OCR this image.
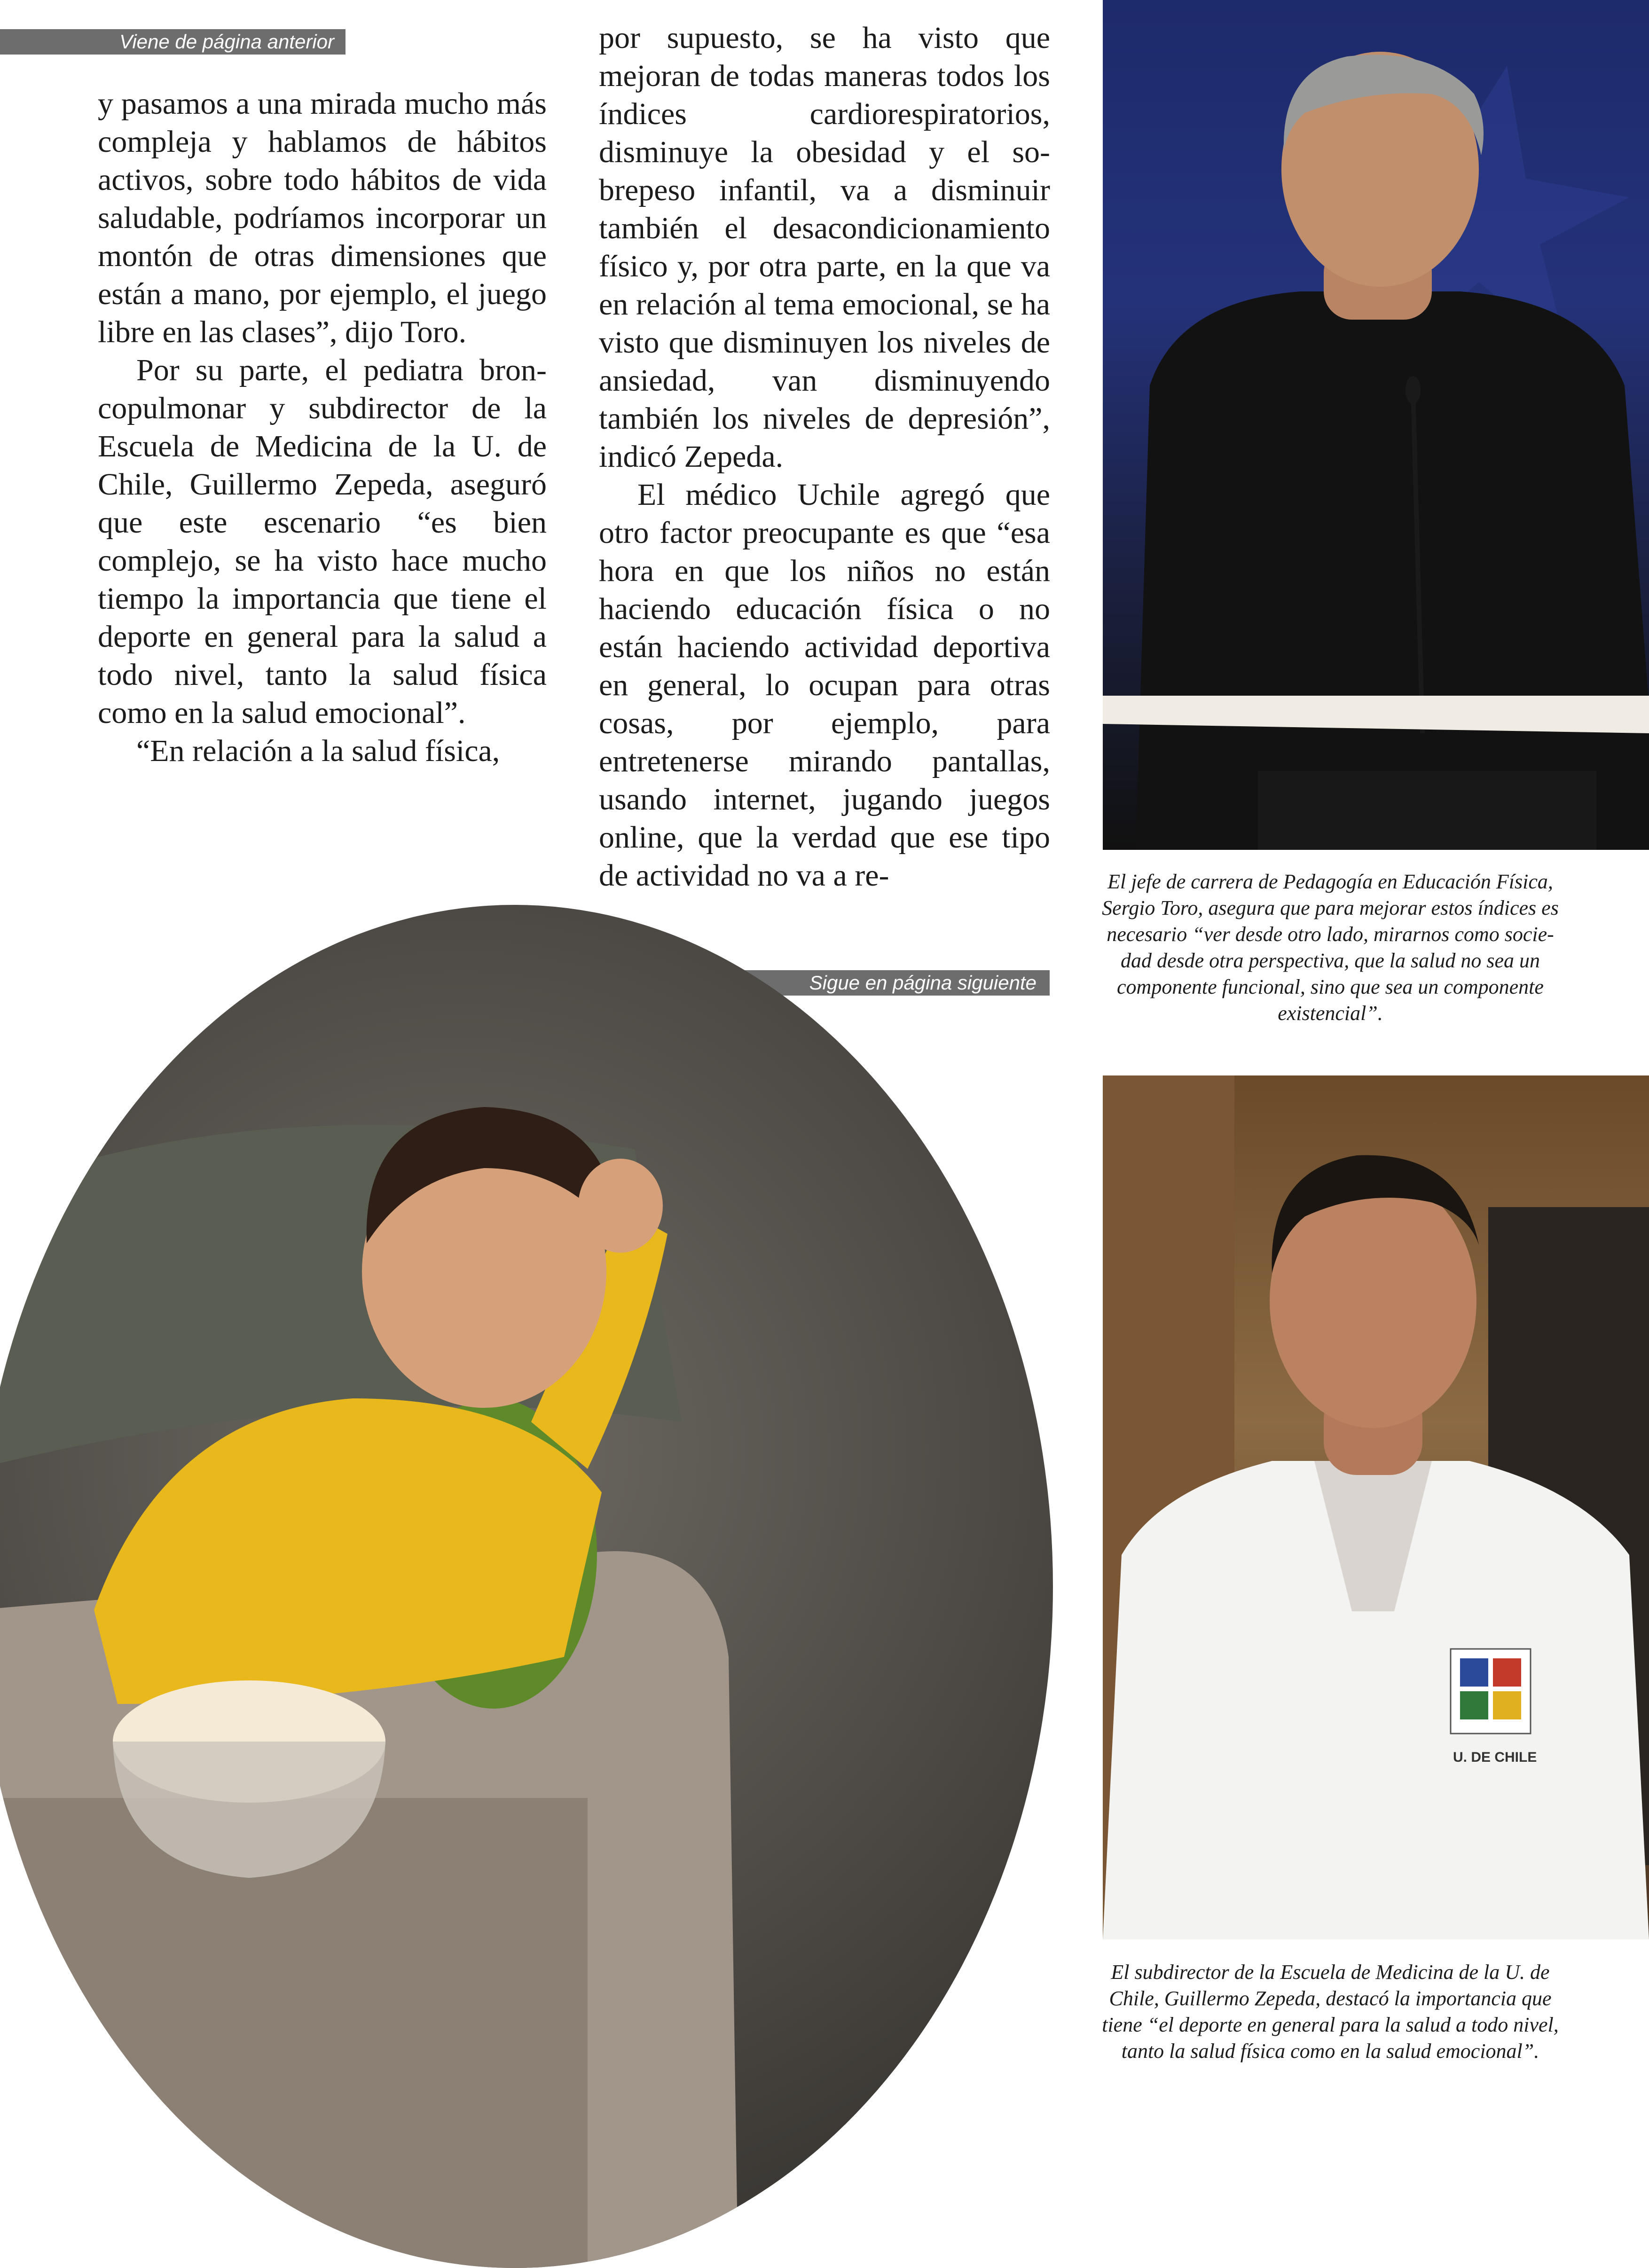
Viene de página anterior

y pasamos a una mirada mucho más compleja y hablamos de hábitos activos, sobre todo hábitos de vida saludable, podríamos incorporar un montón de otras dimensiones que están a mano, por ejemplo, el juego libre en las clases”, dijo Toro.

Por su parte, el pediatra broncopulmonar y subdirector de la Escuela de Medicina de la U. de Chile, Guillermo Zepeda, aseguró que este escenario “es bien complejo, se ha visto hace mucho tiempo la importancia que tiene el deporte en general para la salud a todo nivel, tanto la salud física como en la salud emocional”.

“En relación a la salud física,

por supuesto, se ha visto que mejoran de todas maneras todos los índices cardiorespiratorios, disminuye la obesidad y el sobrepeso infantil, va a disminuir también el desacondicionamiento físico y, por otra parte, en la que va en relación al tema emocional, se ha visto que disminuyen los niveles de ansiedad, van disminuyendo también los niveles de depresión”, indicó Zepeda.

El médico Uchile agregó que otro factor preocupante es que “esa hora en que los niños no están haciendo educación física o no están haciendo actividad deportiva en general, lo ocupan para otras cosas, por ejemplo, para entretenerse mirando pantallas, usando internet, jugando juegos online, que la verdad que ese tipo de actividad no va a re-

Sigue en página siguiente

El jefe de carrera de Pedagogía en Educación Física, Sergio Toro, asegura que para mejorar estos índices es necesario “ver desde otro lado, mirarnos como sociedad desde otra perspectiva, que la salud no sea un componente funcional, sino que sea un componente existencial”.

U. DE CHILE

El subdirector de la Escuela de Medicina de la U. de Chile, Guillermo Zepeda, destacó la importancia que tiene “el deporte en general para la salud a todo nivel, tanto la salud física como en la salud emocional”.
